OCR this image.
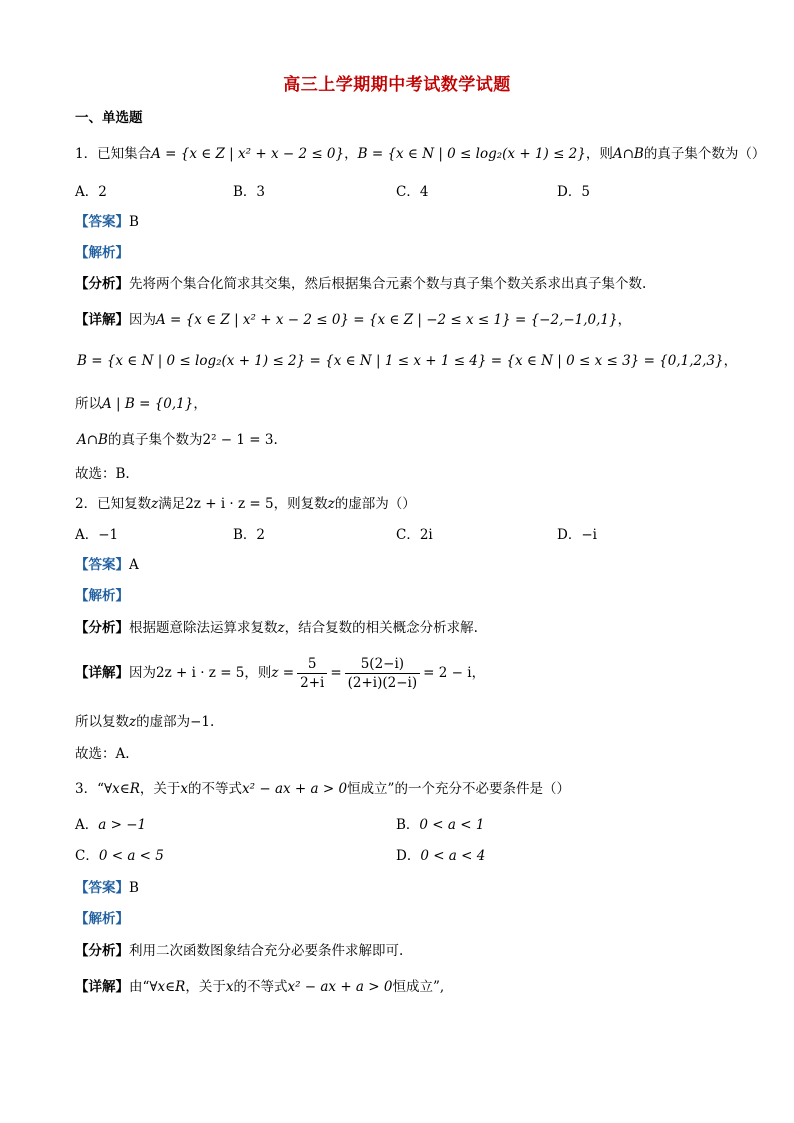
高三上学期期中考试数学试题
一、单选题
1．已知集合A = {x ∈ Z | x² + x − 2 ≤ 0}，B = {x ∈ N | 0 ≤ log₂(x + 1) ≤ 2}，则A∩B的真子集个数为（）
A．2	B．3	C．4	D．5
【答案】B
【解析】
【分析】先将两个集合化简求其交集，然后根据集合元素个数与真子集个数关系求出真子集个数.
【详解】因为A = {x ∈ Z | x² + x − 2 ≤ 0} = {x ∈ Z | −2 ≤ x ≤ 1} = {−2,−1,0,1}，
B = {x ∈ N | 0 ≤ log₂(x + 1) ≤ 2} = {x ∈ N | 1 ≤ x + 1 ≤ 4} = {x ∈ N | 0 ≤ x ≤ 3} = {0,1,2,3}，
所以A | B = {0,1}，
A∩B的真子集个数为2² − 1 = 3.
故选：B.
2．已知复数z满足2z + i · z = 5，则复数z的虚部为（）
A．−1	B．2	C．2i	D．−i
【答案】A
【解析】
【分析】根据题意除法运算求复数z，结合复数的相关概念分析求解.
【详解】因为2z + i · z = 5，则$z = \frac{5}{2+i} = \frac{5(2-i)}{(2+i)(2-i)} = 2 - i$，
所以复数z的虚部为−1.
故选：A.
3．“∀x∈R，关于x的不等式x² − ax + a > 0恒成立”的一个充分不必要条件是（）
A．a > −1	B．0 < a < 1
C．0 < a < 5	D．0 < a < 4
【答案】B
【解析】
【分析】利用二次函数图象结合充分必要条件求解即可.
【详解】由“∀x∈R，关于x的不等式x² − ax + a > 0恒成立”,
